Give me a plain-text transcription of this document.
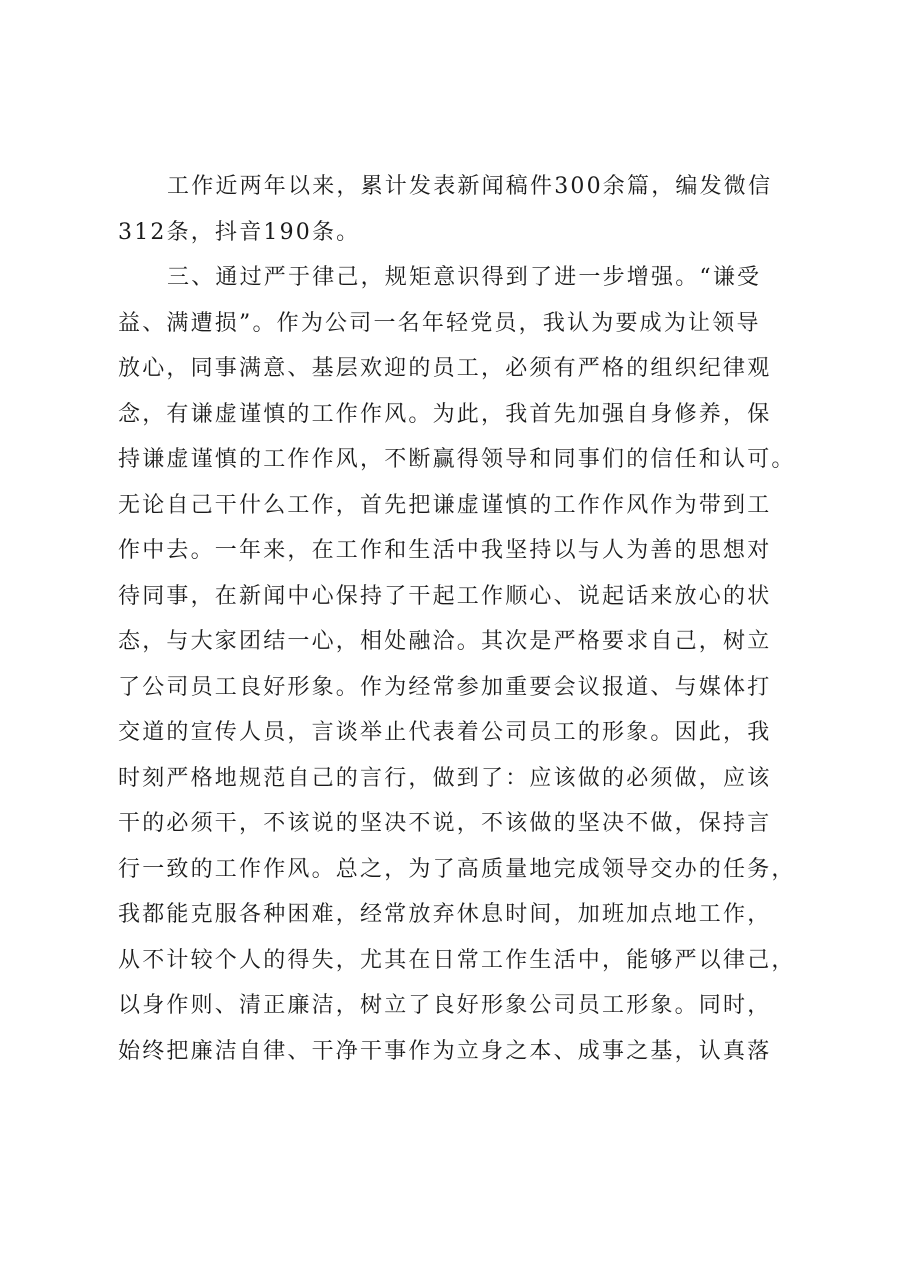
工作近两年以来，累计发表新闻稿件300余篇，编发微信
312条，抖音190条。
三、通过严于律己，规矩意识得到了进一步增强。“谦受
益、满遭损”。作为公司一名年轻党员，我认为要成为让领导
放心，同事满意、基层欢迎的员工，必须有严格的组织纪律观
念，有谦虚谨慎的工作作风。为此，我首先加强自身修养，保
持谦虚谨慎的工作作风，不断赢得领导和同事们的信任和认可。
无论自己干什么工作，首先把谦虚谨慎的工作作风作为带到工
作中去。一年来，在工作和生活中我坚持以与人为善的思想对
待同事，在新闻中心保持了干起工作顺心、说起话来放心的状
态，与大家团结一心，相处融洽。其次是严格要求自己，树立
了公司员工良好形象。作为经常参加重要会议报道、与媒体打
交道的宣传人员，言谈举止代表着公司员工的形象。因此，我
时刻严格地规范自己的言行，做到了：应该做的必须做，应该
干的必须干，不该说的坚决不说，不该做的坚决不做，保持言
行一致的工作作风。总之，为了高质量地完成领导交办的任务，
我都能克服各种困难，经常放弃休息时间，加班加点地工作，
从不计较个人的得失，尤其在日常工作生活中，能够严以律己，
以身作则、清正廉洁，树立了良好形象公司员工形象。同时，
始终把廉洁自律、干净干事作为立身之本、成事之基，认真落
